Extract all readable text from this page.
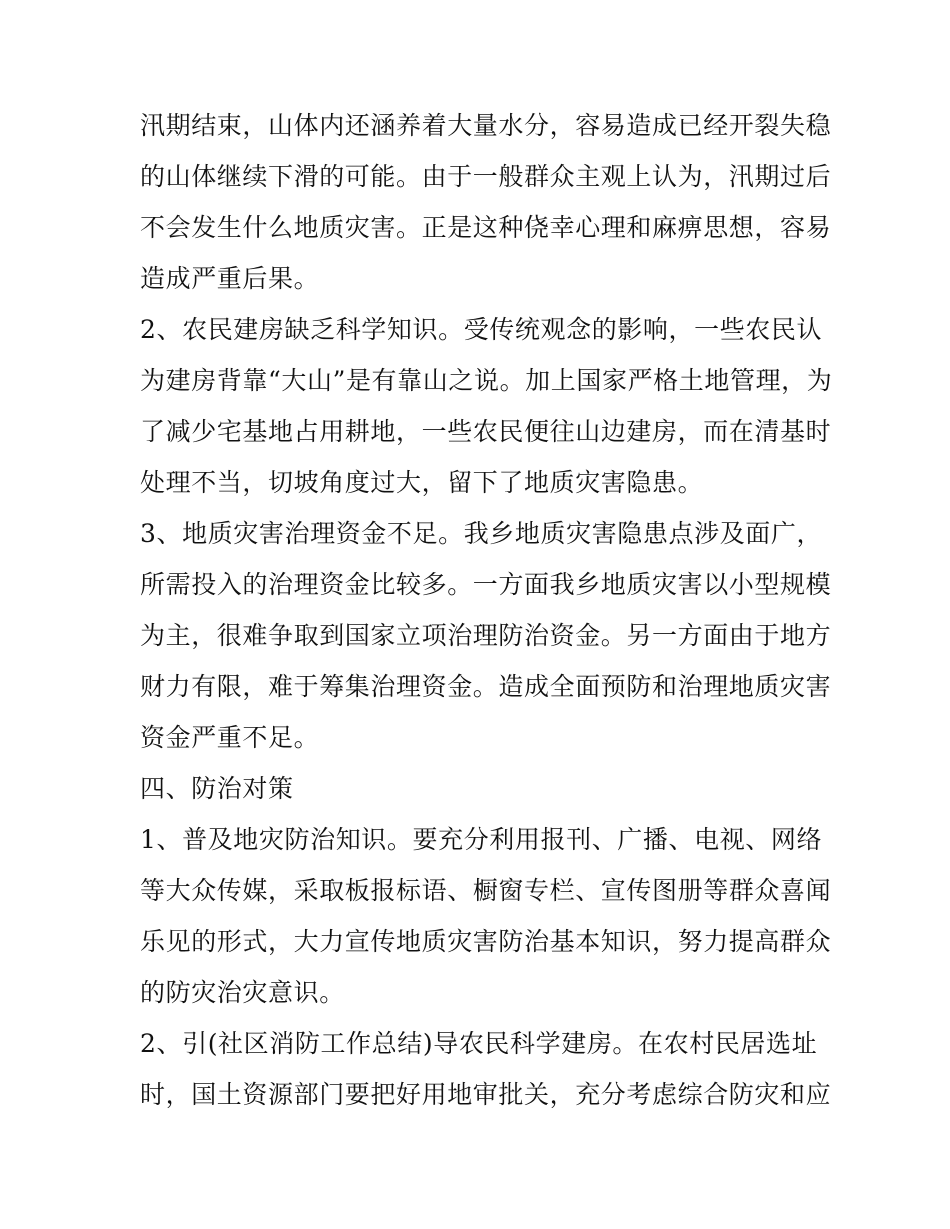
汛期结束，山体内还涵养着大量水分，容易造成已经开裂失稳
的山体继续下滑的可能。由于一般群众主观上认为，汛期过后
不会发生什么地质灾害。正是这种侥幸心理和麻痹思想，容易
造成严重后果。

2、农民建房缺乏科学知识。受传统观念的影响，一些农民认
为建房背靠“大山”是有靠山之说。加上国家严格土地管理，为
了减少宅基地占用耕地，一些农民便往山边建房，而在清基时
处理不当，切坡角度过大，留下了地质灾害隐患。

3、地质灾害治理资金不足。我乡地质灾害隐患点涉及面广，
所需投入的治理资金比较多。一方面我乡地质灾害以小型规模
为主，很难争取到国家立项治理防治资金。另一方面由于地方
财力有限，难于筹集治理资金。造成全面预防和治理地质灾害
资金严重不足。

四、防治对策

1、普及地灾防治知识。要充分利用报刊、广播、电视、网络
等大众传媒，采取板报标语、橱窗专栏、宣传图册等群众喜闻
乐见的形式，大力宣传地质灾害防治基本知识，努力提高群众
的防灾治灾意识。

2、引(社区消防工作总结)导农民科学建房。在农村民居选址
时，国土资源部门要把好用地审批关，充分考虑综合防灾和应
